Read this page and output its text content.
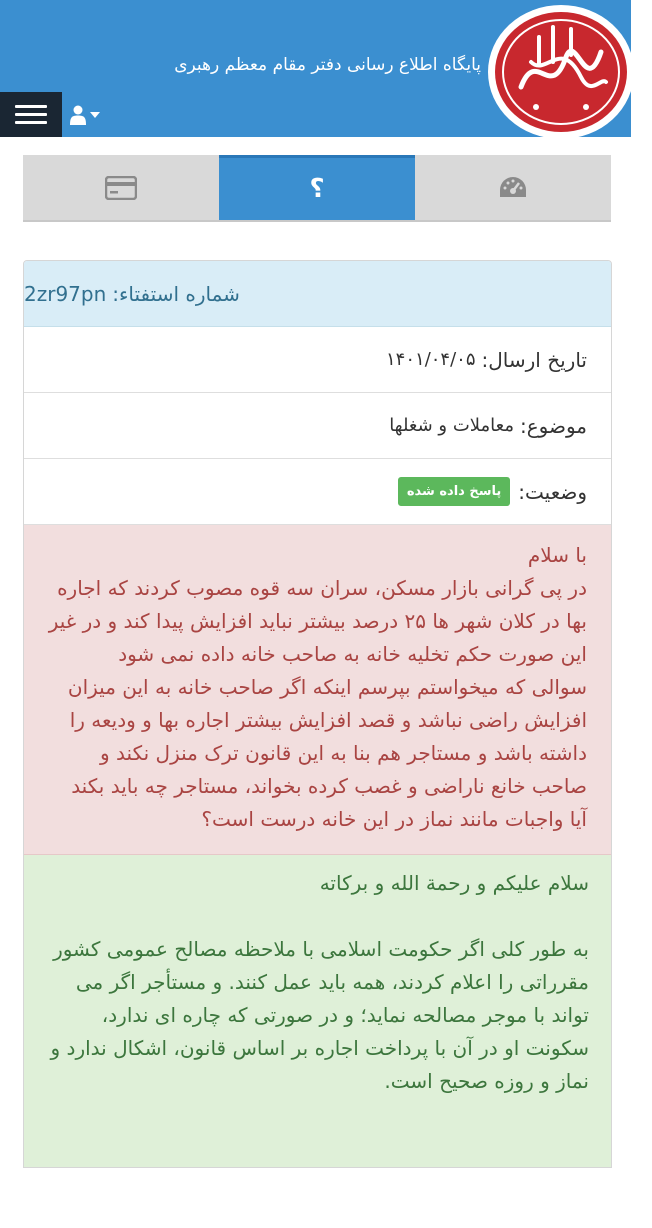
پایگاه اطلاع رسانی دفتر مقام معظم رهبری
؟
شماره استفتاء:
2zr97pn
تاریخ ارسال:
۱۴۰۱/۰۴/۰۵
موضوع:
معاملات و شغلها
وضعیت:
پاسخ داده شده

با سلام

در پی گرانی بازار مسکن، سران سه قوه مصوب کردند که اجاره بها در کلان شهر ها ۲۵ درصد بیشتر نباید افزایش پیدا کند و در غیر این صورت حکم تخلیه خانه به صاحب خانه داده نمی شود

سوالی که میخواستم بپرسم اینکه اگر صاحب خانه به این میزان افزایش راضی نباشد و قصد افزایش بیشتر اجاره بها و ودیعه را داشته باشد و مستاجر هم بنا به این قانون ترک منزل نکند و صاحب خانع ناراضی و غصب کرده بخواند، مستاجر چه باید بکند آیا واجبات مانند نماز در این خانه درست است؟

سلام علیکم و رحمة الله و برکاته

به طور کلی اگر حکومت اسلامی با ملاحظه مصالح عمومی کشور مقرراتی را اعلام کردند، همه باید عمل کنند. و مستأجر اگر می تواند با موجر مصالحه نماید؛ و در صورتی که چاره ای ندارد، سکونت او در آن با پرداخت اجاره بر اساس قانون، اشکال ندارد و نماز و روزه صحیح است.
